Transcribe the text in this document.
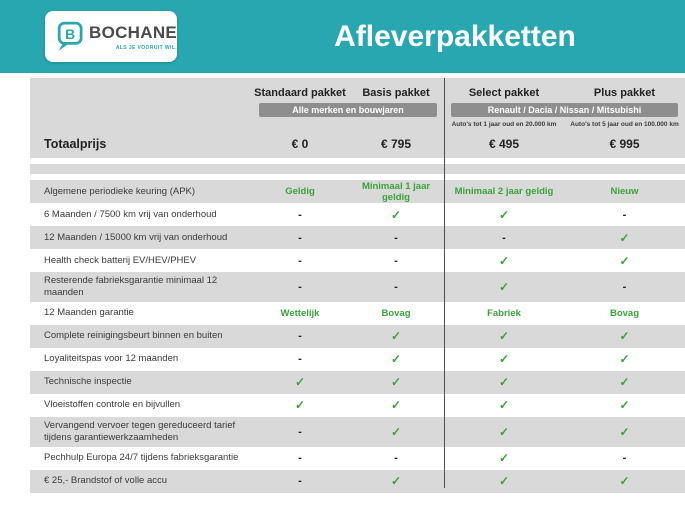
B BOCHANE
ALS JE VOORUIT WIL.	Afleverpakketten
Standaard pakket	Basis pakket	Select pakket	Plus pakket
Alle merken en bouwjaren	Renault / Dacia / Nissan / Mitsubishi
Auto's tot 1 jaar oud en 20.000 km	Auto's tot 5 jaar oud en 100.000 km
Totaalprijs	€ 0	€ 795	€ 495	€ 995
Algemene periodieke keuring (APK)	Geldig	Minimaal 1 jaar geldig	Minimaal 2 jaar geldig	Nieuw
6 Maanden / 7500 km vrij van onderhoud	-	✓	✓	-
12 Maanden / 15000 km vrij van onderhoud	-	-	-	✓
Health check batterij EV/HEV/PHEV	-	-	✓	✓
Resterende fabrieksgarantie minimaal 12 maanden	-	-	✓	-
12 Maanden garantie	Wettelijk	Bovag	Fabriek	Bovag
Complete reinigingsbeurt binnen en buiten	-	✓	✓	✓
Loyaliteitspas voor 12 maanden	-	✓	✓	✓
Technische inspectie	✓	✓	✓	✓
Vloeistoffen controle en bijvullen	✓	✓	✓	✓
Vervangend vervoer tegen gereduceerd tarief tijdens garantiewerkzaamheden	-	✓	✓	✓
Pechhulp Europa 24/7 tijdens fabrieksgarantie	-	-	✓	-
€ 25,- Brandstof of volle accu	-	✓	✓	✓
